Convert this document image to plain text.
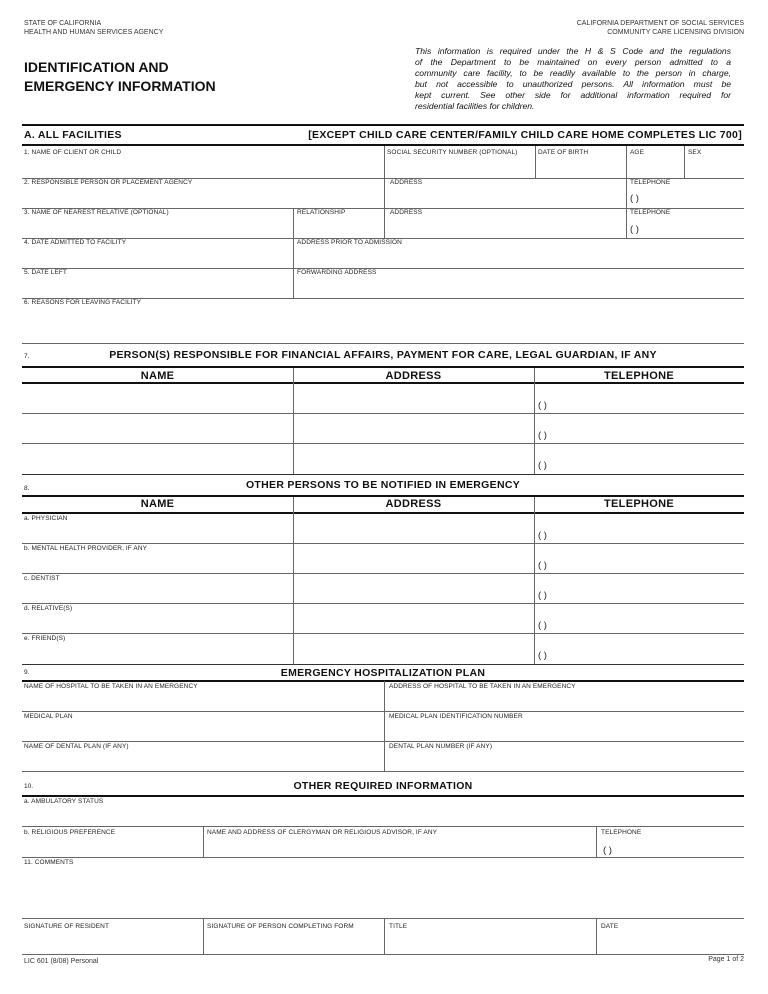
STATE OF CALIFORNIA
HEALTH AND HUMAN SERVICES AGENCY
CALIFORNIA DEPARTMENT OF SOCIAL SERVICES
COMMUNITY CARE LICENSING DIVISION
IDENTIFICATION AND
EMERGENCY INFORMATION
This information is required under the H & S Code and the regulations
of the Department to be maintained on every person admitted to a
community care facility, to be readily available to the person in charge,
but not accessible to unauthorized persons. All information must be
kept current. See other side for additional information required for
residential facilities for children.
A. ALL FACILITIES	[EXCEPT CHILD CARE CENTER/FAMILY CHILD CARE HOME COMPLETES LIC 700]
1. NAME OF CLIENT OR CHILD	SOCIAL SECURITY NUMBER (OPTIONAL)	DATE OF BIRTH	AGE	SEX
2. RESPONSIBLE PERSON OR PLACEMENT AGENCY	ADDRESS	TELEPHONE
( )
3. NAME OF NEAREST RELATIVE (OPTIONAL)	RELATIONSHIP	ADDRESS	TELEPHONE
( )
4. DATE ADMITTED TO FACILITY	ADDRESS PRIOR TO ADMISSION
5. DATE LEFT	FORWARDING ADDRESS
6. REASONS FOR LEAVING FACILITY
7.	PERSON(S) RESPONSIBLE FOR FINANCIAL AFFAIRS, PAYMENT FOR CARE, LEGAL GUARDIAN, IF ANY
NAME	ADDRESS	TELEPHONE
( )
( )
( )
8.	OTHER PERSONS TO BE NOTIFIED IN EMERGENCY
NAME	ADDRESS	TELEPHONE
a. PHYSICIAN
( )
b. MENTAL HEALTH PROVIDER, IF ANY
( )
c. DENTIST
( )
d. RELATIVE(S)
( )
e. FRIEND(S)
( )
9.	EMERGENCY HOSPITALIZATION PLAN
NAME OF HOSPITAL TO BE TAKEN IN AN EMERGENCY	ADDRESS OF HOSPITAL TO BE TAKEN IN AN EMERGENCY
MEDICAL PLAN	MEDICAL PLAN IDENTIFICATION NUMBER
NAME OF DENTAL PLAN (IF ANY)	DENTAL PLAN NUMBER (IF ANY)
10.	OTHER REQUIRED INFORMATION
a. AMBULATORY STATUS
b. RELIGIOUS PREFERENCE	NAME AND ADDRESS OF CLERGYMAN OR RELIGIOUS ADVISOR, IF ANY	TELEPHONE
( )
11. COMMENTS
SIGNATURE OF RESIDENT	SIGNATURE OF PERSON COMPLETING FORM	TITLE	DATE
LIC 601 (8/08) Personal	Page 1 of 2
